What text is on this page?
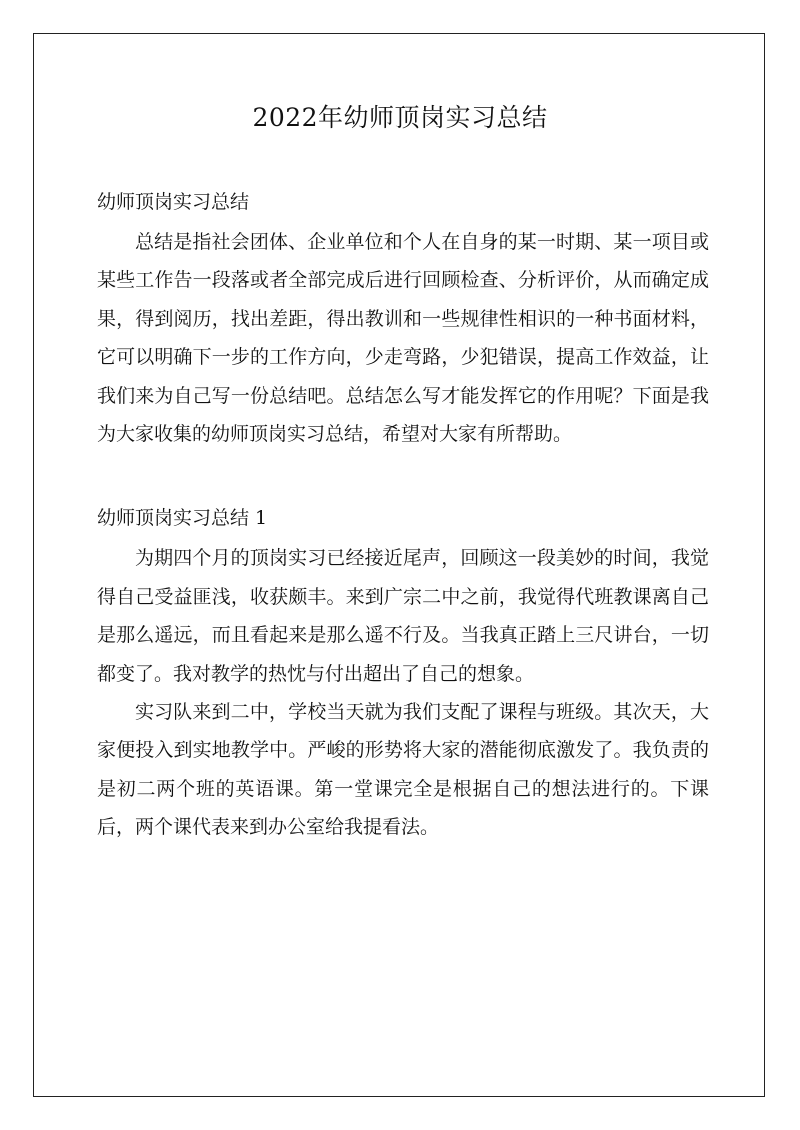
2022年幼师顶岗实习总结
幼师顶岗实习总结

总结是指社会团体、企业单位和个人在自身的某一时期、某一项目或某些工作告一段落或者全部完成后进行回顾检查、分析评价，从而确定成果，得到阅历，找出差距，得出教训和一些规律性相识的一种书面材料，它可以明确下一步的工作方向，少走弯路，少犯错误，提高工作效益，让我们来为自己写一份总结吧。总结怎么写才能发挥它的作用呢？下面是我为大家收集的幼师顶岗实习总结，希望对大家有所帮助。

幼师顶岗实习总结 1

为期四个月的顶岗实习已经接近尾声，回顾这一段美妙的时间，我觉得自己受益匪浅，收获颇丰。来到广宗二中之前，我觉得代班教课离自己是那么遥远，而且看起来是那么遥不行及。当我真正踏上三尺讲台，一切都变了。我对教学的热忱与付出超出了自己的想象。

实习队来到二中，学校当天就为我们支配了课程与班级。其次天，大家便投入到实地教学中。严峻的形势将大家的潜能彻底激发了。我负责的是初二两个班的英语课。第一堂课完全是根据自己的想法进行的。下课后，两个课代表来到办公室给我提看法。
